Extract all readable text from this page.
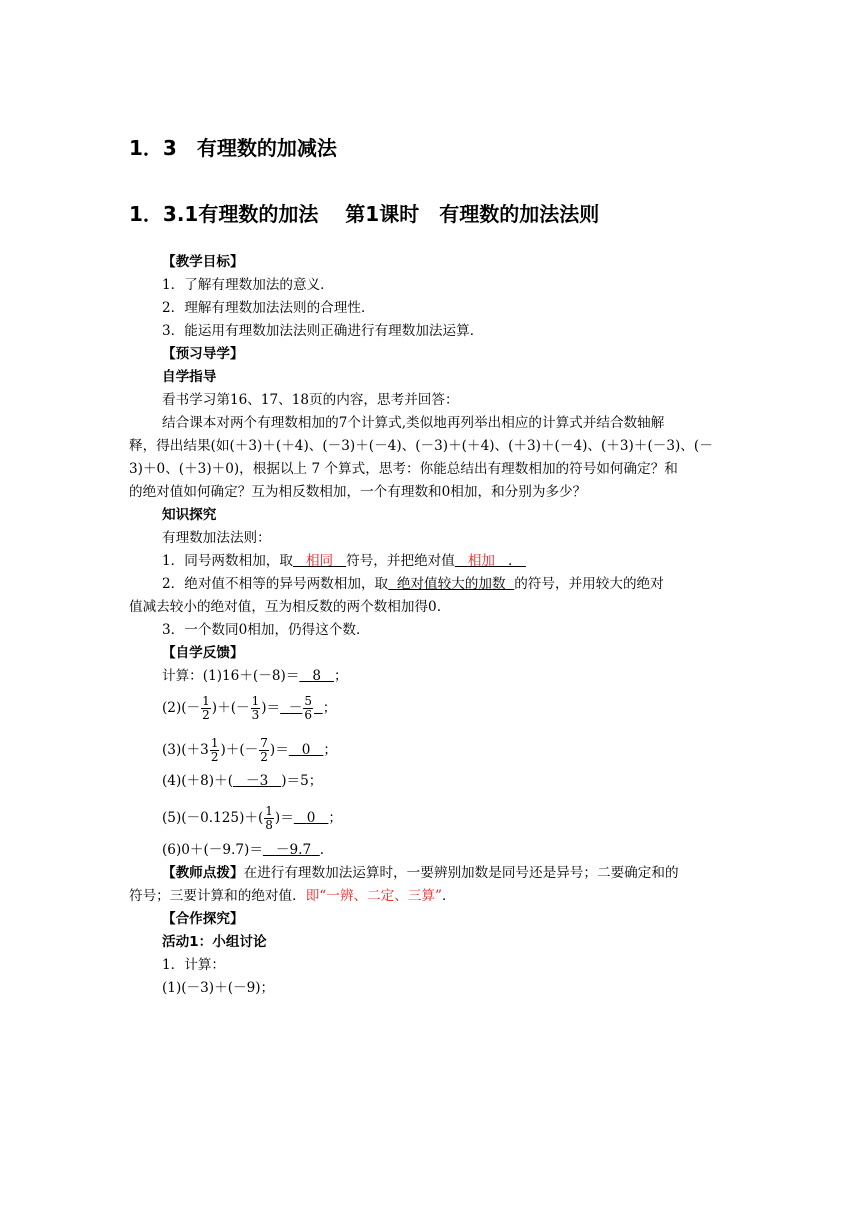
1．3　有理数的加减法
1．3.1有理数的加法　 第1课时　有理数的加法法则
【教学目标】
1．了解有理数加法的意义．
2．理解有理数加法法则的合理性．
3．能运用有理数加法法则正确进行有理数加法运算．
【预习导学】
自学指导
看书学习第16、17、18页的内容，思考并回答：
结合课本对两个有理数相加的7个计算式,类似地再列举出相应的计算式并结合数轴解
释，得出结果(如(＋3)＋(＋4)、(－3)＋(－4)、(－3)＋(＋4)、(＋3)＋(－4)、(＋3)＋(－3)、(－
3)＋0、(＋3)＋0)，根据以上 7 个算式，思考：你能总结出有理数相加的符号如何确定？和
的绝对值如何确定？互为相反数相加，一个有理数和0相加，和分别为多少？
知识探究
有理数加法法则：
1．同号两数相加，取 相同 符号，并把绝对值 相加 ．
2．绝对值不相等的异号两数相加，取 绝对值较大的加数 的符号，并用较大的绝对
值减去较小的绝对值，互为相反数的两个数相加得0.
3．一个数同0相加，仍得这个数．
【自学反馈】
计算：(1)16＋(－8)＝ 8 ；
$(2)(- \frac{1}{2}$ )＋(－ $\frac{1}{3}$ )＝ － $\frac{5}{6}$ ；
$(3)(+3 \frac{1}{2}$ )＋(－ $\frac{7}{2}$ )＝ 0 ；
(4)(＋8)＋( －3 )＝5；
$(5)(-0.125)+( \frac{1}{8}$ )＝ 0 ；
(6)0＋(－9.7)＝ －9.7 .
【教师点拨】在进行有理数加法运算时，一要辨别加数是同号还是异号；二要确定和的
符号；三要计算和的绝对值．即“一辨、二定、三算”．
【合作探究】
活动1：小组讨论
1．计算：
(1)(－3)＋(－9)；
